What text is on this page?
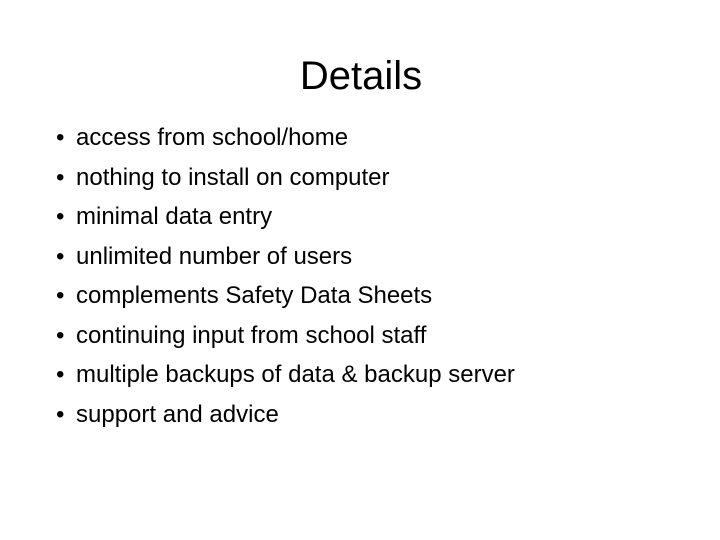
Details
• access from school/home
• nothing to install on computer
• minimal data entry
• unlimited number of users
• complements Safety Data Sheets
• continuing input from school staff
• multiple backups of data & backup server
• support and advice
